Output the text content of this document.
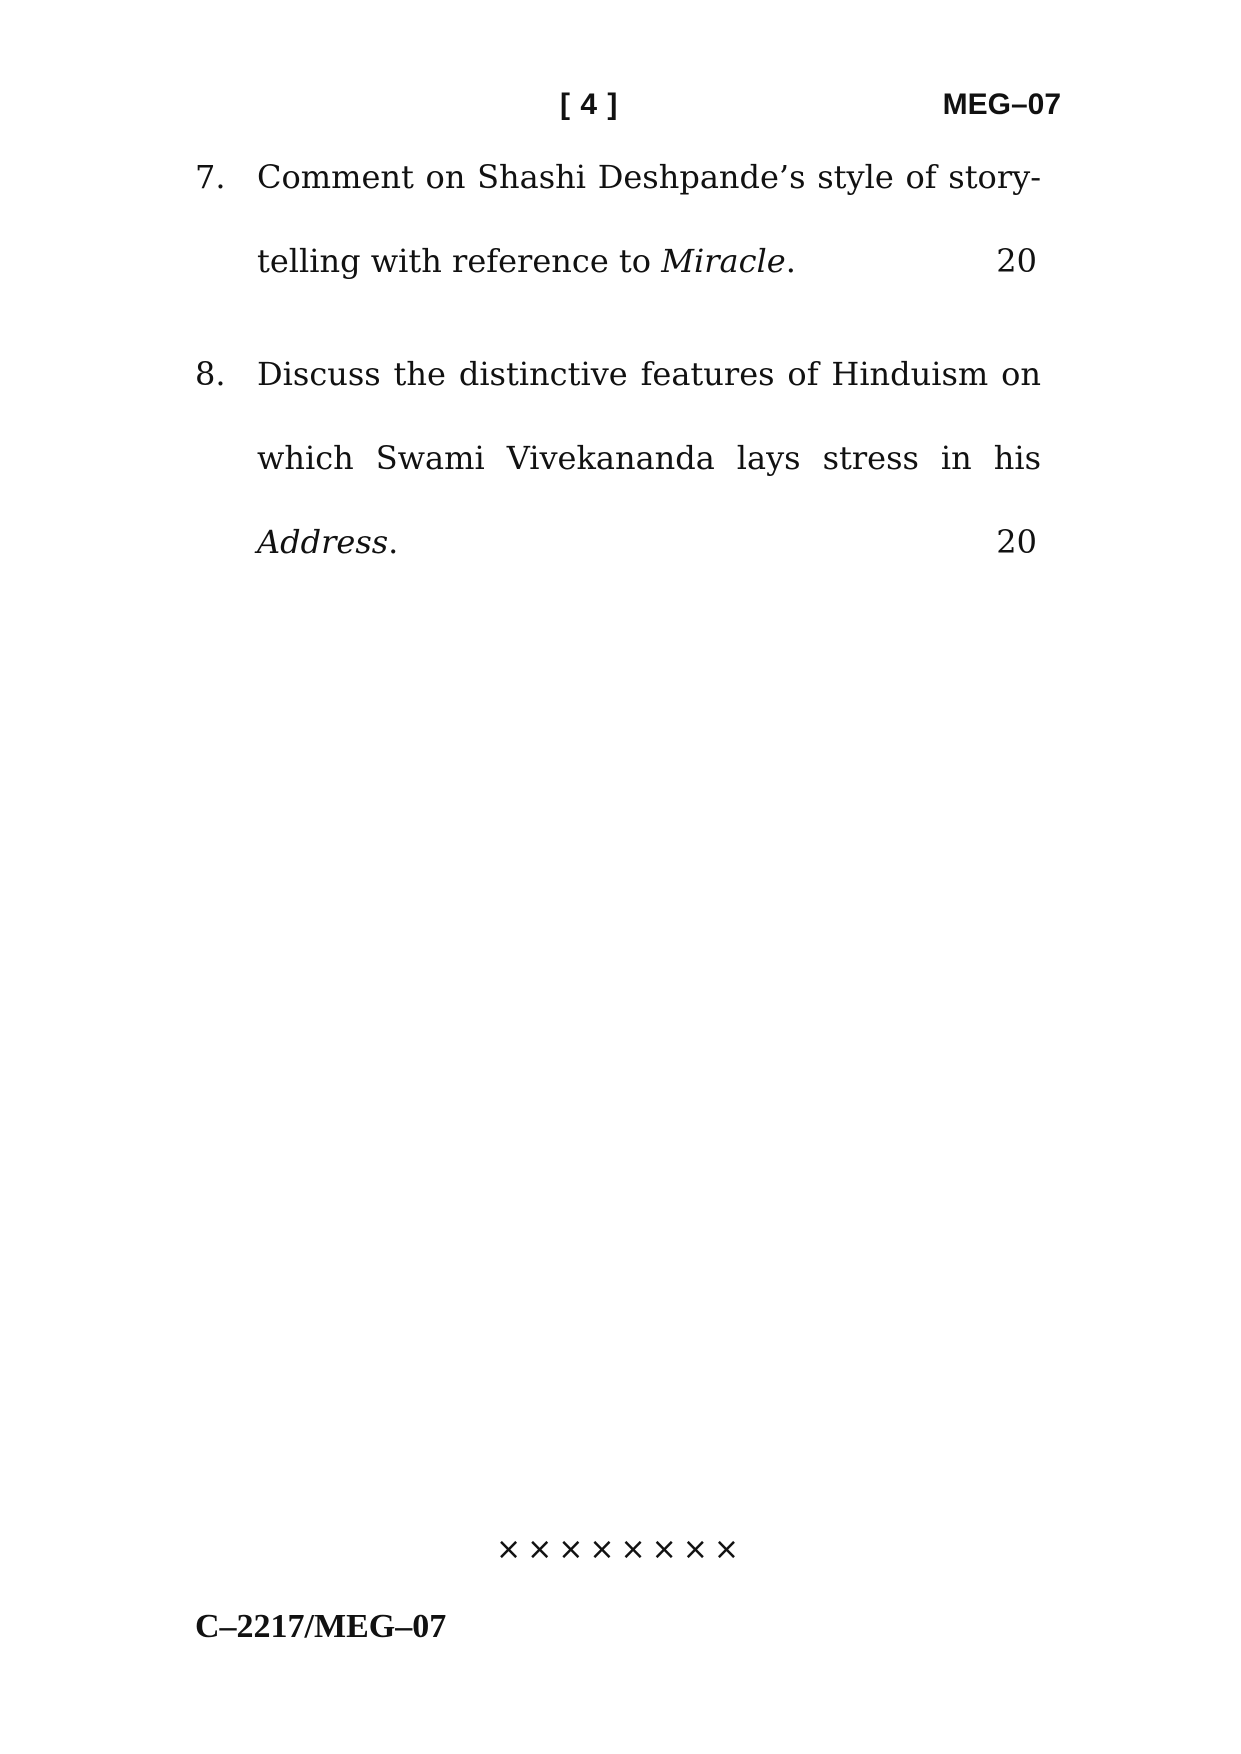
[ 4 ]	MEG–07
7. Comment on Shashi Deshpande’s style of story-
telling with reference to Miracle.	20
8. Discuss the distinctive features of Hinduism on
which Swami Vivekananda lays stress in his
Address.	20
××××××××
C–2217/MEG–07
